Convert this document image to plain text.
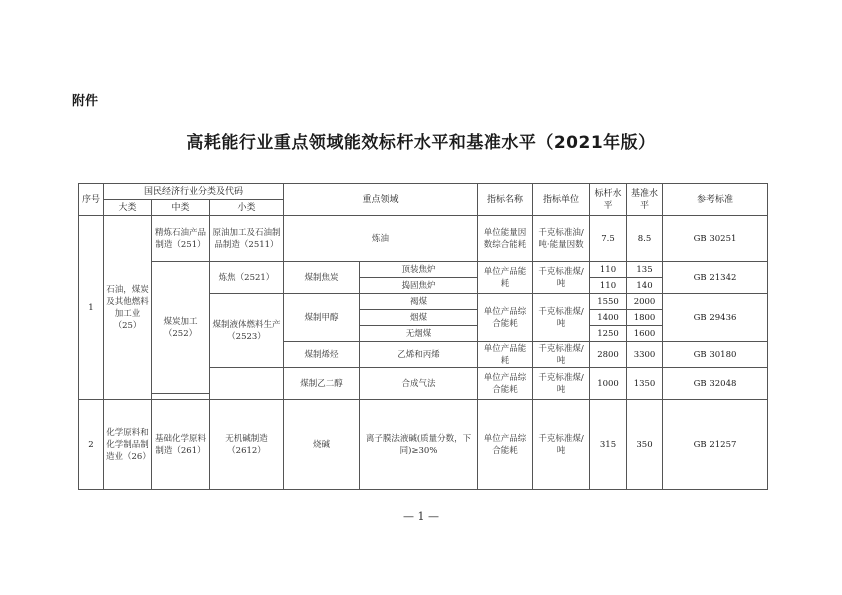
附件
高耗能行业重点领域能效标杆水平和基准水平（2021年版）
序号	国民经济行业分类及代码			重点领域		指标名称	指标单位	标杆水平	基准水平	参考标准
	大类	中类	小类							
1	石油，煤炭及其他燃料加工业（25）	精炼石油产品制造（251）	原油加工及石油制品制造（2511）	炼油		单位能量因数综合能耗	千克标准油/吨·能量因数	7.5	8.5	GB 30251
		煤炭加工（252）	炼焦（2521）	煤制焦炭	顶装焦炉	单位产品能耗	千克标准煤/吨	110	135	GB 21342
					捣固焦炉			110	140	
			煤制液体燃料生产（2523）	煤制甲醇	褐煤	单位产品综合能耗	千克标准煤/吨	1550	2000	GB 29436
					烟煤			1400	1800	
					无烟煤			1250	1600	
				煤制烯烃	乙烯和丙烯	单位产品能耗	千克标准煤/吨	2800	3300	GB 30180
				煤制乙二醇	合成气法	单位产品综合能耗	千克标准煤/吨	1000	1350	GB 32048

2	化学原料和化学制品制造业（26）	基础化学原料制造（261）	无机碱制造（2612）	烧碱	离子膜法液碱(质量分数，下同)≥30%	单位产品综合能耗	千克标准煤/吨	315	350	GB 21257
— 1 —
